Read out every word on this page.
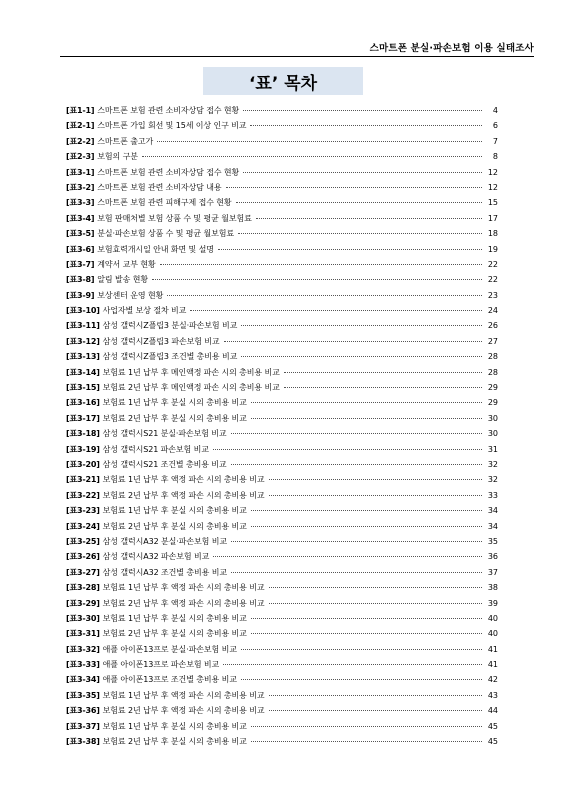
스마트폰 분실·파손보험 이용 실태조사
‘표’ 목차
[표1-1] 스마트폰 보험 관련 소비자상담 접수 현황	4
[표2-1] 스마트폰 가입 회선 및 15세 이상 인구 비교	6
[표2-2] 스마트폰 출고가	7
[표2-3] 보험의 구분	8
[표3-1] 스마트폰 보험 관련 소비자상담 접수 현황	12
[표3-2] 스마트폰 보험 관련 소비자상담 내용	12
[표3-3] 스마트폰 보험 관련 피해구제 접수 현황	15
[표3-4] 보험 판매처별 보험 상품 수 및 평균 월보험료	17
[표3-5] 분실·파손보험 상품 수 및 평균 월보험료	18
[표3-6] 보험효력개시일 안내 화면 및 설명	19
[표3-7] 계약서 교부 현황	22
[표3-8] 알림 발송 현황	22
[표3-9] 보상센터 운영 현황	23
[표3-10] 사업자별 보상 절차 비교	24
[표3-11] 삼성 갤럭시Z플립3 분실·파손보험 비교	26
[표3-12] 삼성 갤럭시Z플립3 파손보험 비교	27
[표3-13] 삼성 갤럭시Z플립3 조건별 총비용 비교	28
[표3-14] 보험료 1년 납부 후 메인액정 파손 시의 총비용 비교	28
[표3-15] 보험료 2년 납부 후 메인액정 파손 시의 총비용 비교	29
[표3-16] 보험료 1년 납부 후 분실 시의 총비용 비교	29
[표3-17] 보험료 2년 납부 후 분실 시의 총비용 비교	30
[표3-18] 삼성 갤럭시S21 분실·파손보험 비교	30
[표3-19] 삼성 갤럭시S21 파손보험 비교	31
[표3-20] 삼성 갤럭시S21 조건별 총비용 비교	32
[표3-21] 보험료 1년 납부 후 액정 파손 시의 총비용 비교	32
[표3-22] 보험료 2년 납부 후 액정 파손 시의 총비용 비교	33
[표3-23] 보험료 1년 납부 후 분실 시의 총비용 비교	34
[표3-24] 보험료 2년 납부 후 분실 시의 총비용 비교	34
[표3-25] 삼성 갤럭시A32 분실·파손보험 비교	35
[표3-26] 삼성 갤럭시A32 파손보험 비교	36
[표3-27] 삼성 갤럭시A32 조건별 총비용 비교	37
[표3-28] 보험료 1년 납부 후 액정 파손 시의 총비용 비교	38
[표3-29] 보험료 2년 납부 후 액정 파손 시의 총비용 비교	39
[표3-30] 보험료 1년 납부 후 분실 시의 총비용 비교	40
[표3-31] 보험료 2년 납부 후 분실 시의 총비용 비교	40
[표3-32] 애플 아이폰13프로 분실·파손보험 비교	41
[표3-33] 애플 아이폰13프로 파손보험 비교	41
[표3-34] 애플 아이폰13프로 조건별 총비용 비교	42
[표3-35] 보험료 1년 납부 후 액정 파손 시의 총비용 비교	43
[표3-36] 보험료 2년 납부 후 액정 파손 시의 총비용 비교	44
[표3-37] 보험료 1년 납부 후 분실 시의 총비용 비교	45
[표3-38] 보험료 2년 납부 후 분실 시의 총비용 비교	45
